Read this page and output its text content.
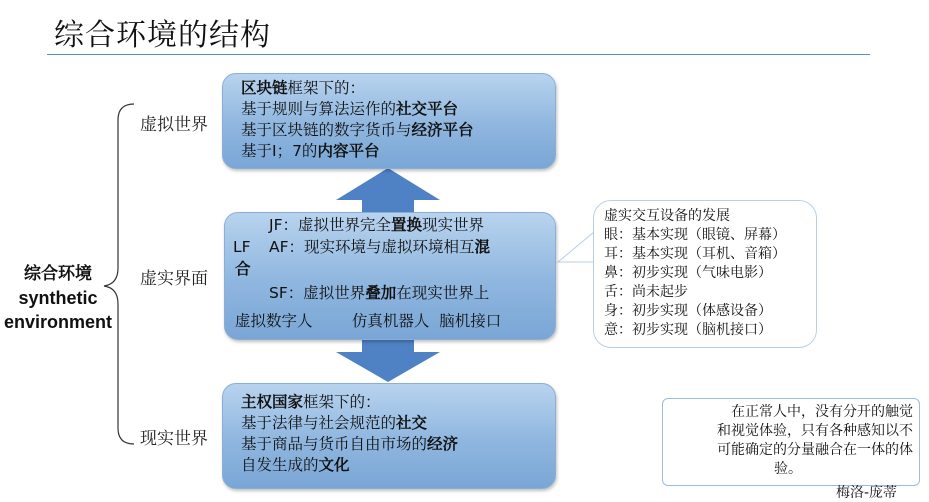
综合环境的结构
综合环境
synthetic
environment
虚拟世界
虚实界面
现实世界
区块链框架下的：
基于规则与算法运作的社交平台
基于区块链的数字货币与经济平台
基于I；7的内容平台
LF
JF：虚拟世界完全置换现实世界
AF：现实环境与虚拟环境相互混
合
SF：虚拟世界叠加在现实世界上
虚拟数字人        仿真机器人  脑机接口
主权国家框架下的：
基于法律与社会规范的社交
基于商品与货币自由市场的经济
自发生成的文化
虚实交互设备的发展
眼：基本实现（眼镜、屏幕）
耳：基本实现（耳机、音箱）
鼻：初步实现（气味电影）
舌：尚未起步
身：初步实现（体感设备）
意：初步实现（脑机接口）
在正常人中，没有分开的触觉
和视觉体验，只有各种感知以不
可能确定的分量融合在一体的体
验。
梅洛-庞蒂
